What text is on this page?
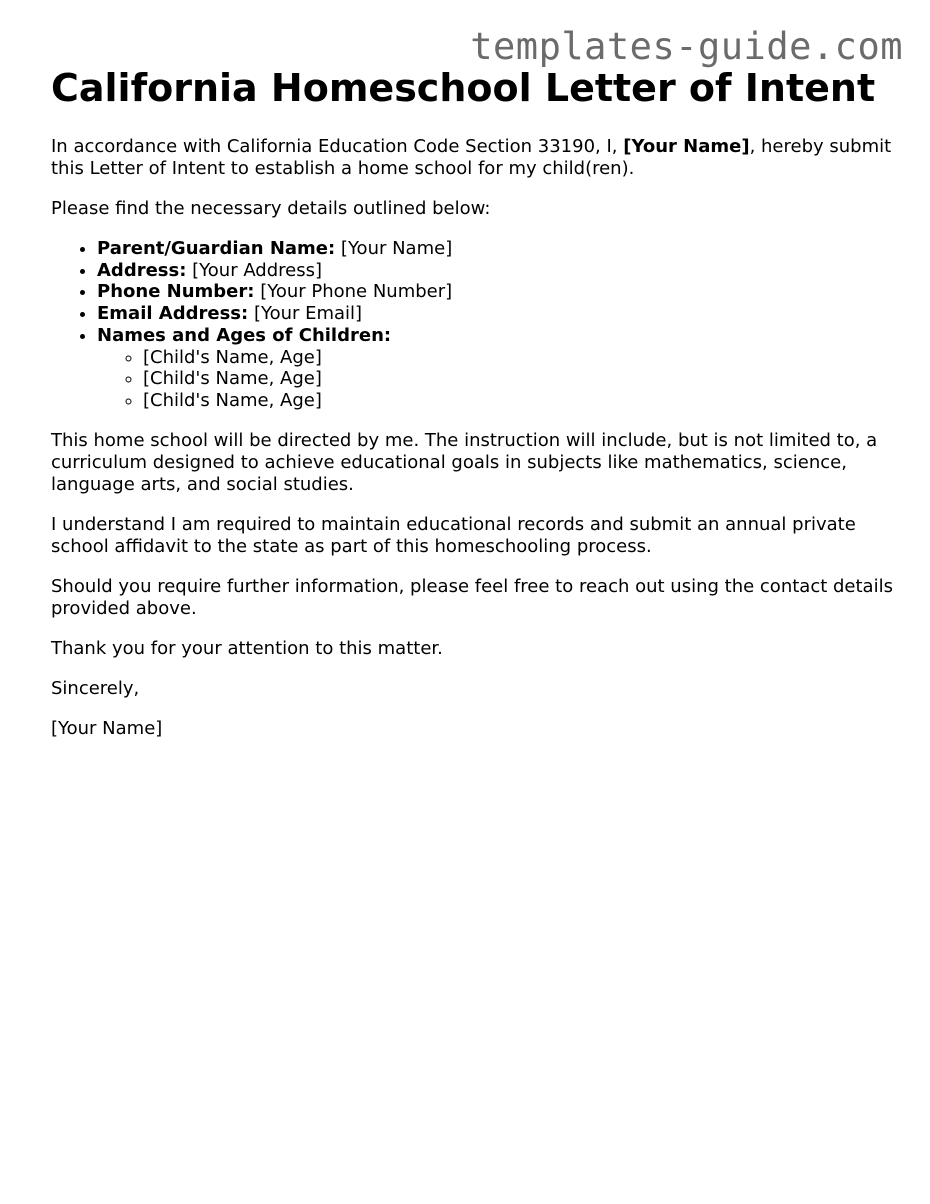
templates-guide.com
California Homeschool Letter of Intent

In accordance with California Education Code Section 33190, I, [Your Name], hereby submit this Letter of Intent to establish a home school for my child(ren).

Please find the necessary details outlined below:

• Parent/Guardian Name: [Your Name]
• Address: [Your Address]
• Phone Number: [Your Phone Number]
• Email Address: [Your Email]
• Names and Ages of Children:
◦ [Child's Name, Age]
◦ [Child's Name, Age]
◦ [Child's Name, Age]

This home school will be directed by me. The instruction will include, but is not limited to, a curriculum designed to achieve educational goals in subjects like mathematics, science, language arts, and social studies.

I understand I am required to maintain educational records and submit an annual private school affidavit to the state as part of this homeschooling process.

Should you require further information, please feel free to reach out using the contact details provided above.

Thank you for your attention to this matter.

Sincerely,

[Your Name]
